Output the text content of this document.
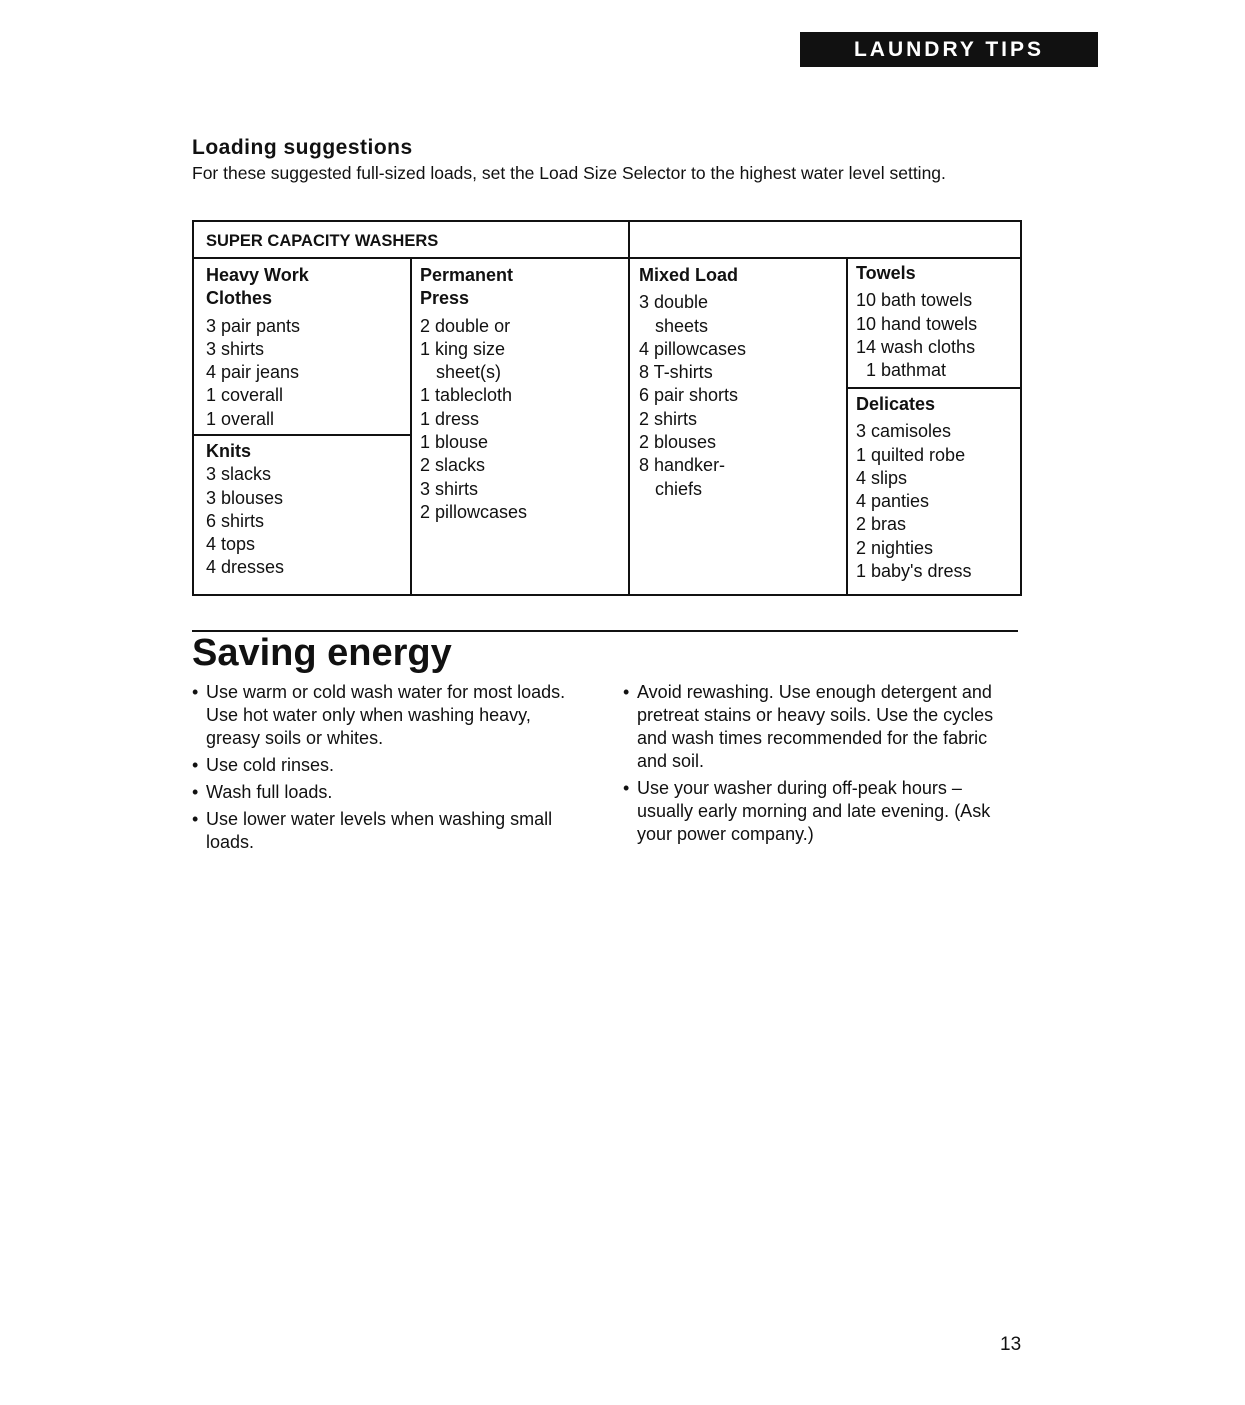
LAUNDRY TIPS
Loading suggestions
For these suggested full-sized loads, set the Load Size Selector to the highest water level setting.
SUPER CAPACITY WASHERS
Heavy Work
Clothes
3 pair pants
3 shirts
4 pair jeans
1 coverall
1 overall
Knits
3 slacks
3 blouses
6 shirts
4 tops
4 dresses
Permanent
Press
2 double or
1 king size
sheet(s)
1 tablecloth
1 dress
1 blouse
2 slacks
3 shirts
2 pillowcases
Mixed Load
3 double
sheets
4 pillowcases
8 T-shirts
6 pair shorts
2 shirts
2 blouses
8 handker-
chiefs
Towels
10 bath towels
10 hand towels
14 wash cloths
1 bathmat
Delicates
3 camisoles
1 quilted robe
4 slips
4 panties
2 bras
2 nighties
1 baby's dress
Saving energy
• Use warm or cold wash water for most loads. Use hot water only when washing heavy, greasy soils or whites.
• Use cold rinses.
• Wash full loads.
• Use lower water levels when washing small loads.
• Avoid rewashing. Use enough detergent and pretreat stains or heavy soils. Use the cycles and wash times recommended for the fabric and soil.
• Use your washer during off-peak hours – usually early morning and late evening. (Ask your power company.)
13
